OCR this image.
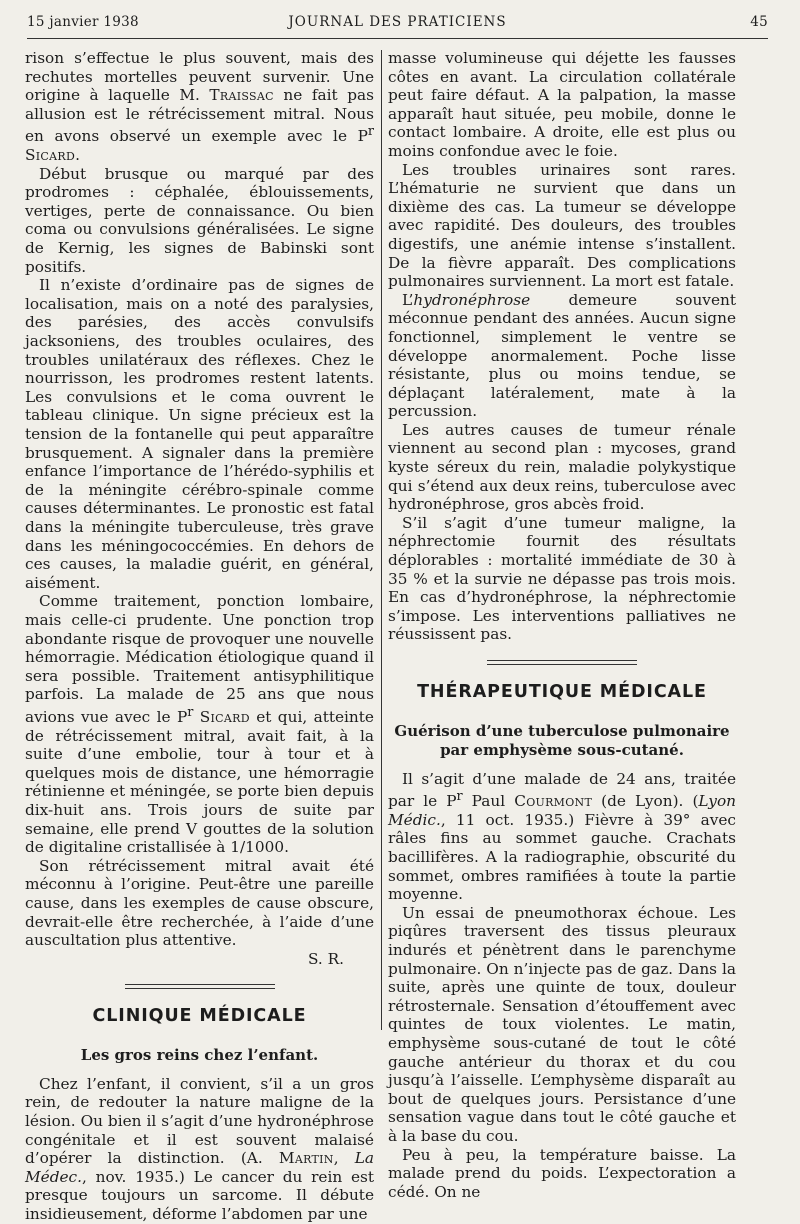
15 janvier 1938	JOURNAL DES PRATICIENS	45

rison s’effectue le plus souvent, mais des rechutes mortelles peuvent survenir. Une origine à laquelle M. Traissac ne fait pas allusion est le rétrécissement mitral. Nous en avons observé un exemple avec le $P^r$ Sicard.

Début brusque ou marqué par des prodromes : céphalée, éblouissements, vertiges, perte de connaissance. Ou bien coma ou convulsions généralisées. Le signe de Kernig, les signes de Babinski sont positifs.

Il n’existe d’ordinaire pas de signes de localisation, mais on a noté des paralysies, des parésies, des accès convulsifs jacksoniens, des troubles oculaires, des troubles unilatéraux des réflexes. Chez le nourrisson, les prodromes restent latents. Les convulsions et le coma ouvrent le tableau clinique. Un signe précieux est la tension de la fontanelle qui peut apparaître brusquement. A signaler dans la première enfance l’importance de l’hérédo-syphilis et de la méningite cérébro-spinale comme causes déterminantes. Le pronostic est fatal dans la méningite tuberculeuse, très grave dans les méningococcémies. En dehors de ces causes, la maladie guérit, en général, aisément.

Comme traitement, ponction lombaire, mais celle-ci prudente. Une ponction trop abondante risque de provoquer une nouvelle hémorragie. Médication étiologique quand il sera possible. Traitement antisyphilitique parfois. La malade de 25 ans que nous avions vue avec le $P^r$ Sicard et qui, atteinte de rétrécissement mitral, avait fait, à la suite d’une embolie, tour à tour et à quelques mois de distance, une hémorragie rétinienne et méningée, se porte bien depuis dix-huit ans. Trois jours de suite par semaine, elle prend V gouttes de la solution de digitaline cristallisée à 1/1000.

Son rétrécissement mitral avait été méconnu à l’origine. Peut-être une pareille cause, dans les exemples de cause obscure, devrait-elle être recherchée, à l’aide d’une auscultation plus attentive.

S. R.

CLINIQUE MÉDICALE
Les gros reins chez l’enfant.

Chez l’enfant, il convient, s’il a un gros rein, de redouter la nature maligne de la lésion. Ou bien il s’agit d’une hydronéphrose congénitale et il est souvent malaisé d’opérer la distinction. (A. Martin, La Médec., nov. 1935.) Le cancer du rein est presque toujours un sarcome. Il débute insidieusement, déforme l’abdomen par une

masse volumineuse qui déjette les fausses côtes en avant. La circulation collatérale peut faire défaut. A la palpation, la masse apparaît haut située, peu mobile, donne le contact lombaire. A droite, elle est plus ou moins confondue avec le foie.

Les troubles urinaires sont rares. L’hématurie ne survient que dans un dixième des cas. La tumeur se développe avec rapidité. Des douleurs, des troubles digestifs, une anémie intense s’installent. De la fièvre apparaît. Des complications pulmonaires surviennent. La mort est fatale.

L’hydronéphrose demeure souvent méconnue pendant des années. Aucun signe fonctionnel, simplement le ventre se développe anormalement. Poche lisse résistante, plus ou moins tendue, se déplaçant latéralement, mate à la percussion.

Les autres causes de tumeur rénale viennent au second plan : mycoses, grand kyste séreux du rein, maladie polykystique qui s’étend aux deux reins, tuberculose avec hydronéphrose, gros abcès froid.

S’il s’agit d’une tumeur maligne, la néphrectomie fournit des résultats déplorables : mortalité immédiate de 30 à 35 % et la survie ne dépasse pas trois mois. En cas d’hydronéphrose, la néphrectomie s’impose. Les interventions palliatives ne réussissent pas.

THÉRAPEUTIQUE MÉDICALE
Guérison d’une tuberculose pulmonaire
par emphysème sous-cutané.

Il s’agit d’une malade de 24 ans, traitée par le $P^r$ Paul Courmont (de Lyon). (Lyon Médic., 11 oct. 1935.) Fièvre à 39° avec râles fins au sommet gauche. Crachats bacillifères. A la radiographie, obscurité du sommet, ombres ramifiées à toute la partie moyenne.

Un essai de pneumothorax échoue. Les piqûres traversent des tissus pleuraux indurés et pénètrent dans le parenchyme pulmonaire. On n’injecte pas de gaz. Dans la suite, après une quinte de toux, douleur rétrosternale. Sensation d’étouffement avec quintes de toux violentes. Le matin, emphysème sous-cutané de tout le côté gauche antérieur du thorax et du cou jusqu’à l’aisselle. L’emphysème disparaît au bout de quelques jours. Persistance d’une sensation vague dans tout le côté gauche et à la base du cou.

Peu à peu, la température baisse. La malade prend du poids. L’expectoration a cédé. On ne
